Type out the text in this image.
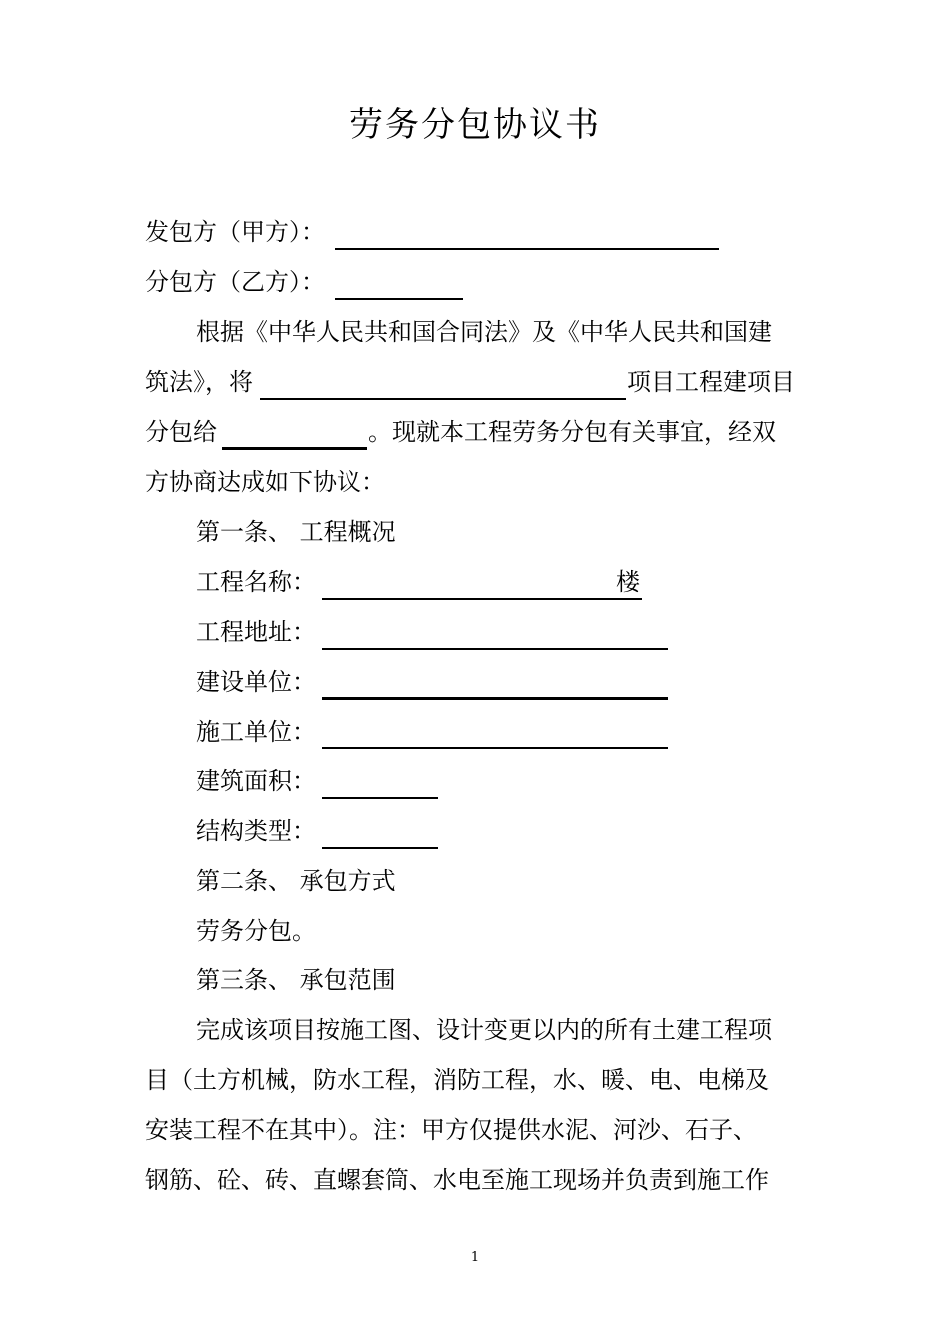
劳务分包协议书
发包方（甲方）：
分包方（乙方）：
根据《中华人民共和国合同法》及《中华人民共和国建
筑法》，将	项目工程建项目
分包给	。现就本工程劳务分包有关事宜，经双
方协商达成如下协议：
第一条、 工程概况
工程名称：	楼
工程地址：
建设单位：
施工单位：
建筑面积：
结构类型：
第二条、 承包方式
劳务分包。
第三条、 承包范围
完成该项目按施工图、设计变更以内的所有土建工程项
目（土方机械，防水工程，消防工程，水、暖、电、电梯及
安装工程不在其中）。注：甲方仅提供水泥、河沙、石子、
钢筋、砼、砖、直螺套筒、水电至施工现场并负责到施工作
1
